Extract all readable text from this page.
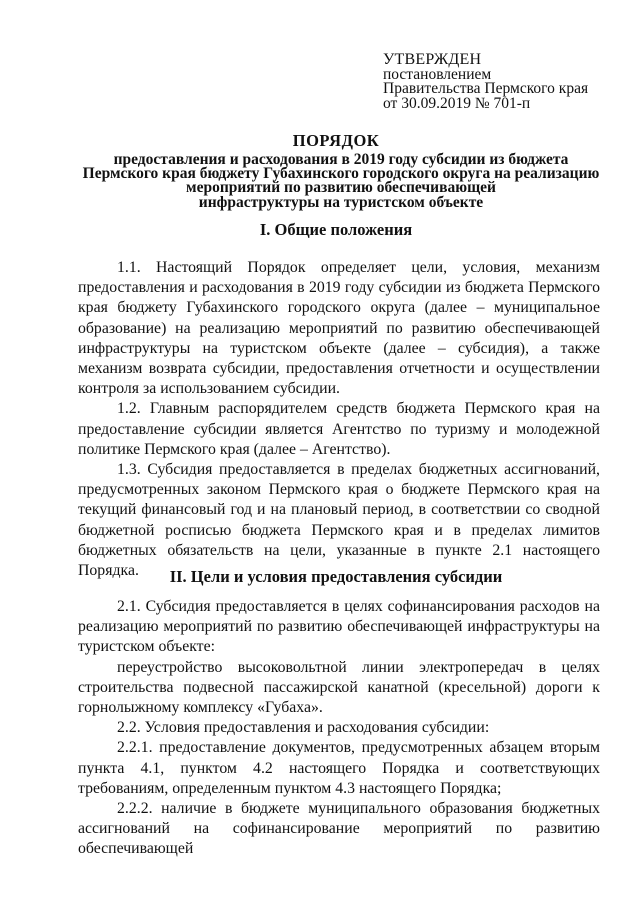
УТВЕРЖДЕН
постановлением
Правительства Пермского края
от 30.09.2019 № 701-п
ПОРЯДОК
предоставления и расходования в 2019 году субсидии из бюджета
Пермского края бюджету Губахинского городского округа на реализацию
мероприятий по развитию обеспечивающей
инфраструктуры на туристском объекте
I. Общие положения

1.1. Настоящий Порядок определяет цели, условия, механизм предоставления и расходования в 2019 году субсидии из бюджета Пермского края бюджету Губахинского городского округа (далее – муниципальное образование) на реализацию мероприятий по развитию обеспечивающей инфраструктуры на туристском объекте (далее – субсидия), а также механизм возврата субсидии, предоставления отчетности и осуществлении контроля за использованием субсидии.

1.2. Главным распорядителем средств бюджета Пермского края на предоставление субсидии является Агентство по туризму и молодежной политике Пермского края (далее – Агентство).

1.3. Субсидия предоставляется в пределах бюджетных ассигнований, предусмотренных законом Пермского края о бюджете Пермского края на текущий финансовый год и на плановый период, в соответствии со сводной бюджетной росписью бюджета Пермского края и в пределах лимитов бюджетных обязательств на цели, указанные в пункте 2.1 настоящего Порядка.	II. Цели и условия предоставления субсидии

2.1. Субсидия предоставляется в целях софинансирования расходов на реализацию мероприятий по развитию обеспечивающей инфраструктуры на туристском объекте:

переустройство высоковольтной линии электропередач в целях строительства подвесной пассажирской канатной (кресельной) дороги к горнолыжному комплексу «Губаха».

2.2. Условия предоставления и расходования субсидии:

2.2.1. предоставление документов, предусмотренных абзацем вторым пункта 4.1, пунктом 4.2 настоящего Порядка и соответствующих требованиям, определенным пунктом 4.3 настоящего Порядка;

2.2.2. наличие в бюджете муниципального образования бюджетных ассигнований на софинансирование мероприятий по развитию обеспечивающей
